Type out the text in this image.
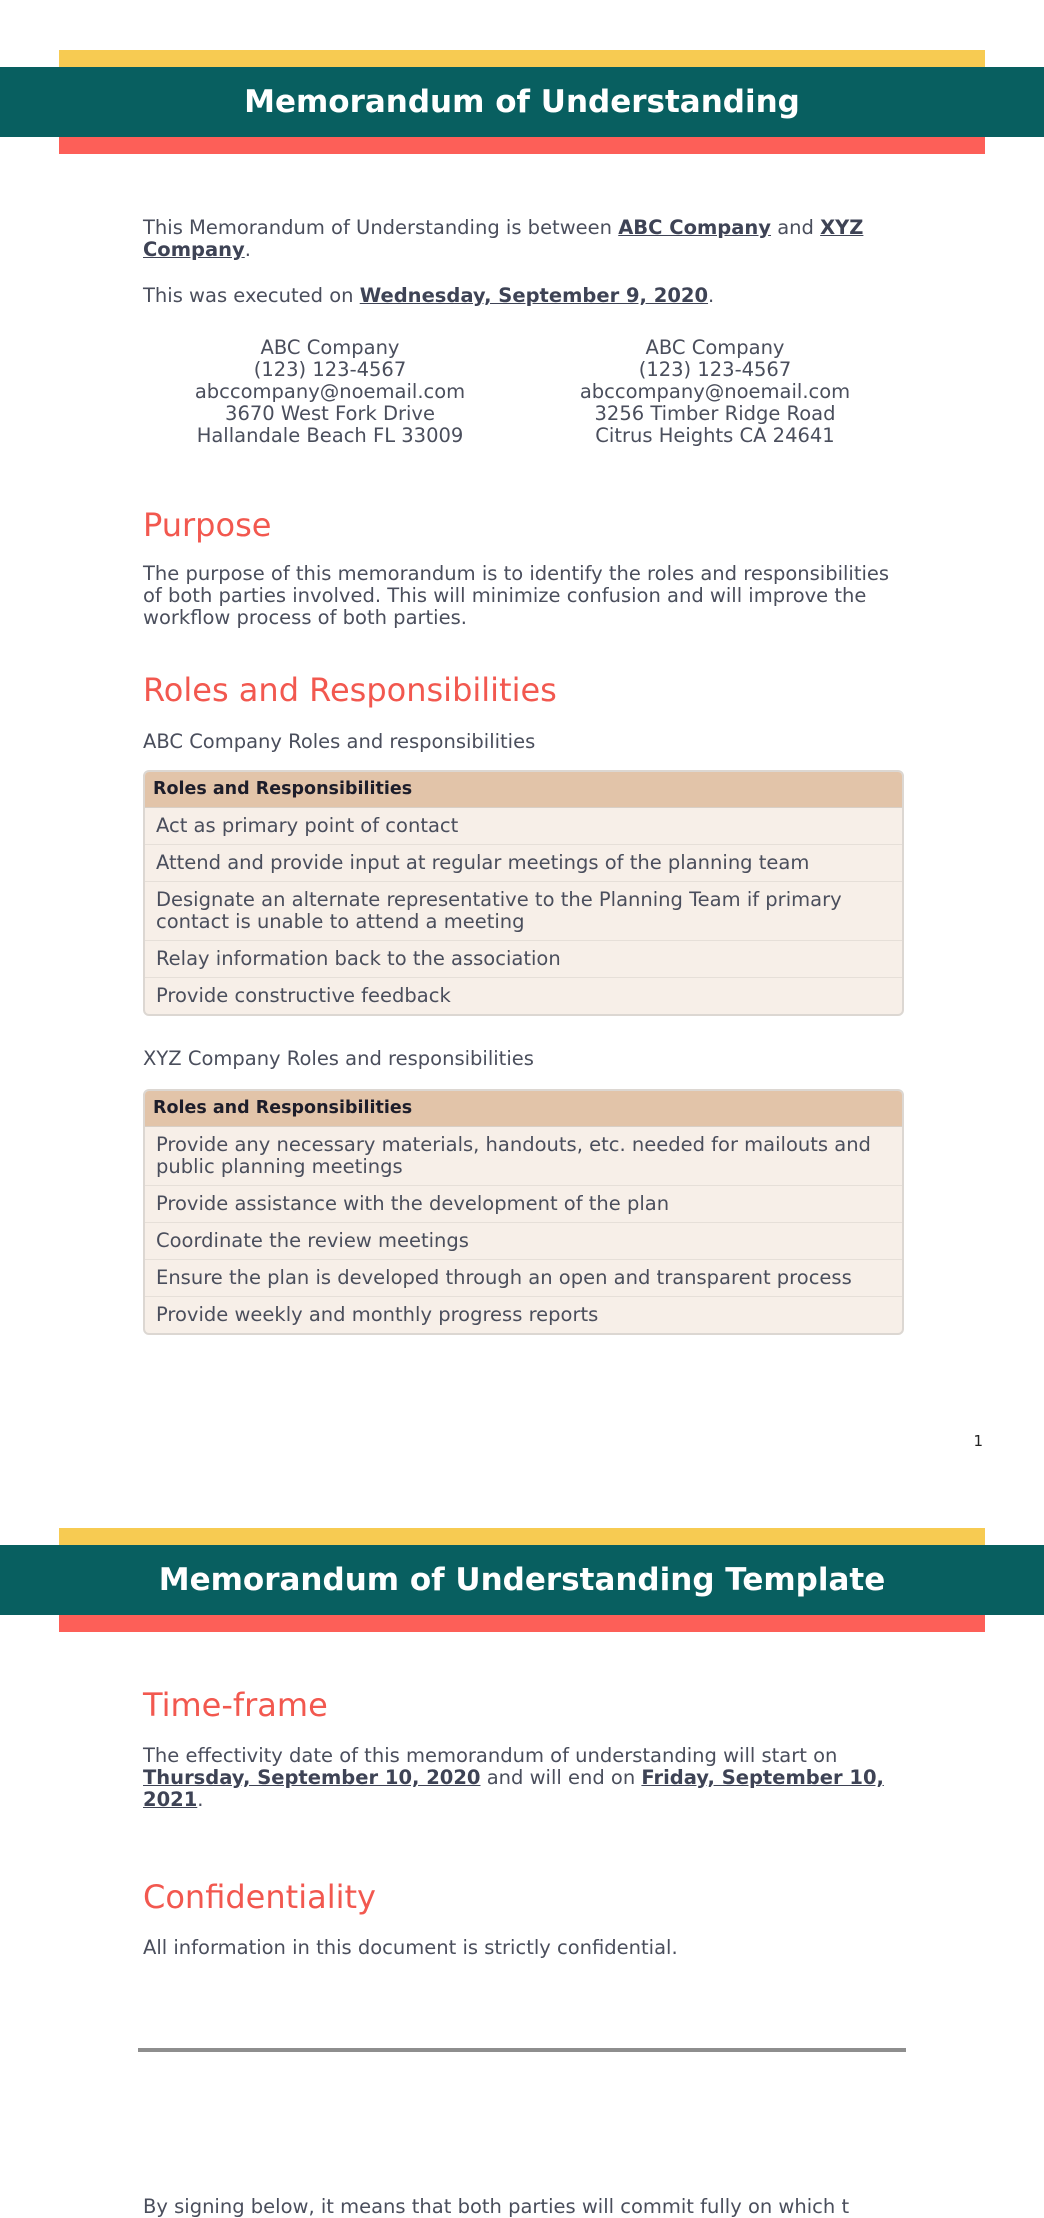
Memorandum of Understanding
This Memorandum of Understanding is between ABC Company and XYZ Company.
This was executed on Wednesday, September 9, 2020.
ABC Company
(123) 123-4567
abccompany@noemail.com
3670 West Fork Drive
Hallandale Beach FL 33009
ABC Company
(123) 123-4567
abccompany@noemail.com
3256 Timber Ridge Road
Citrus Heights CA 24641
Purpose
The purpose of this memorandum is to identify the roles and responsibilities of both parties involved. This will minimize confusion and will improve the workflow process of both parties.
Roles and Responsibilities
ABC Company Roles and responsibilities
Roles and Responsibilities
Act as primary point of contact
Attend and provide input at regular meetings of the planning team
Designate an alternate representative to the Planning Team if primary contact is unable to attend a meeting
Relay information back to the association
Provide constructive feedback
XYZ Company Roles and responsibilities
Roles and Responsibilities
Provide any necessary materials, handouts, etc. needed for mailouts and public planning meetings
Provide assistance with the development of the plan
Coordinate the review meetings
Ensure the plan is developed through an open and transparent process
Provide weekly and monthly progress reports
1
Memorandum of Understanding Template
Time-frame
The effectivity date of this memorandum of understanding will start on Thursday, September 10, 2020 and will end on Friday, September 10, 2021.
Confidentiality
All information in this document is strictly confidential.
By signing below, it means that both parties will commit fully on which t
